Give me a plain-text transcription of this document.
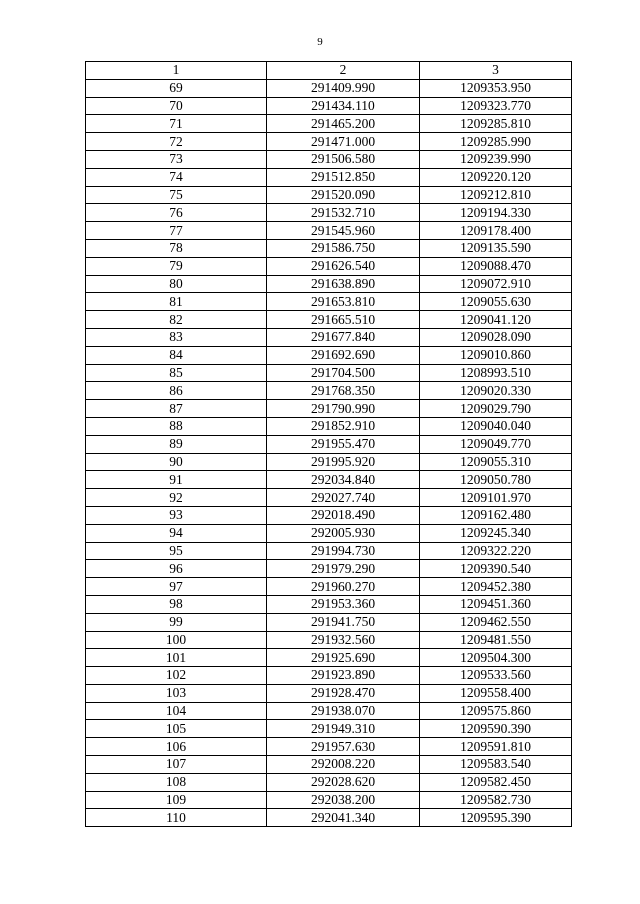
9
1	2	3
69	291409.990	1209353.950
70	291434.110	1209323.770
71	291465.200	1209285.810
72	291471.000	1209285.990
73	291506.580	1209239.990
74	291512.850	1209220.120
75	291520.090	1209212.810
76	291532.710	1209194.330
77	291545.960	1209178.400
78	291586.750	1209135.590
79	291626.540	1209088.470
80	291638.890	1209072.910
81	291653.810	1209055.630
82	291665.510	1209041.120
83	291677.840	1209028.090
84	291692.690	1209010.860
85	291704.500	1208993.510
86	291768.350	1209020.330
87	291790.990	1209029.790
88	291852.910	1209040.040
89	291955.470	1209049.770
90	291995.920	1209055.310
91	292034.840	1209050.780
92	292027.740	1209101.970
93	292018.490	1209162.480
94	292005.930	1209245.340
95	291994.730	1209322.220
96	291979.290	1209390.540
97	291960.270	1209452.380
98	291953.360	1209451.360
99	291941.750	1209462.550
100	291932.560	1209481.550
101	291925.690	1209504.300
102	291923.890	1209533.560
103	291928.470	1209558.400
104	291938.070	1209575.860
105	291949.310	1209590.390
106	291957.630	1209591.810
107	292008.220	1209583.540
108	292028.620	1209582.450
109	292038.200	1209582.730
110	292041.340	1209595.390
